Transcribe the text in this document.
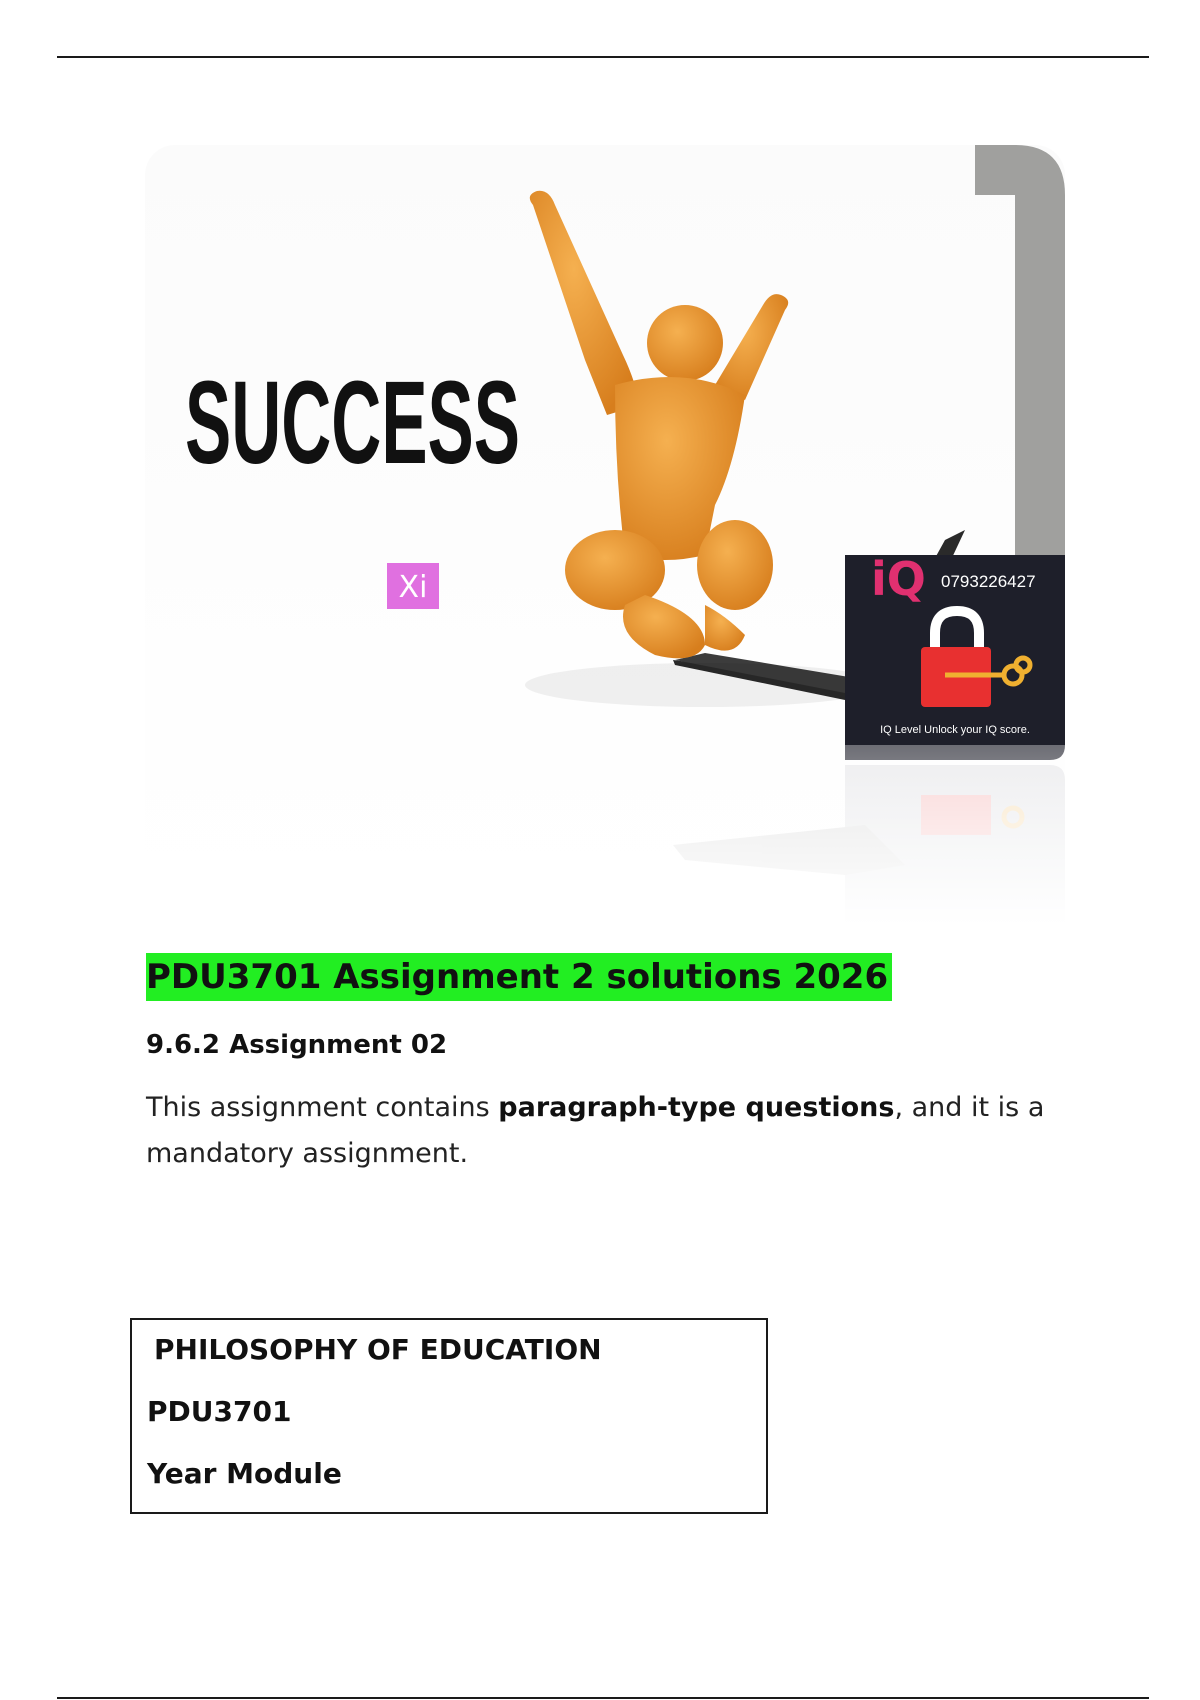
SUCCESS
Xi	iQ 0793226427
IQ Level Unlock your IQ score.
PDU3701 Assignment 2 solutions 2026
9.6.2 Assignment 02
This assignment contains paragraph-type questions, and it is a mandatory assignment.
PHILOSOPHY OF EDUCATION
PDU3701
Year Module
